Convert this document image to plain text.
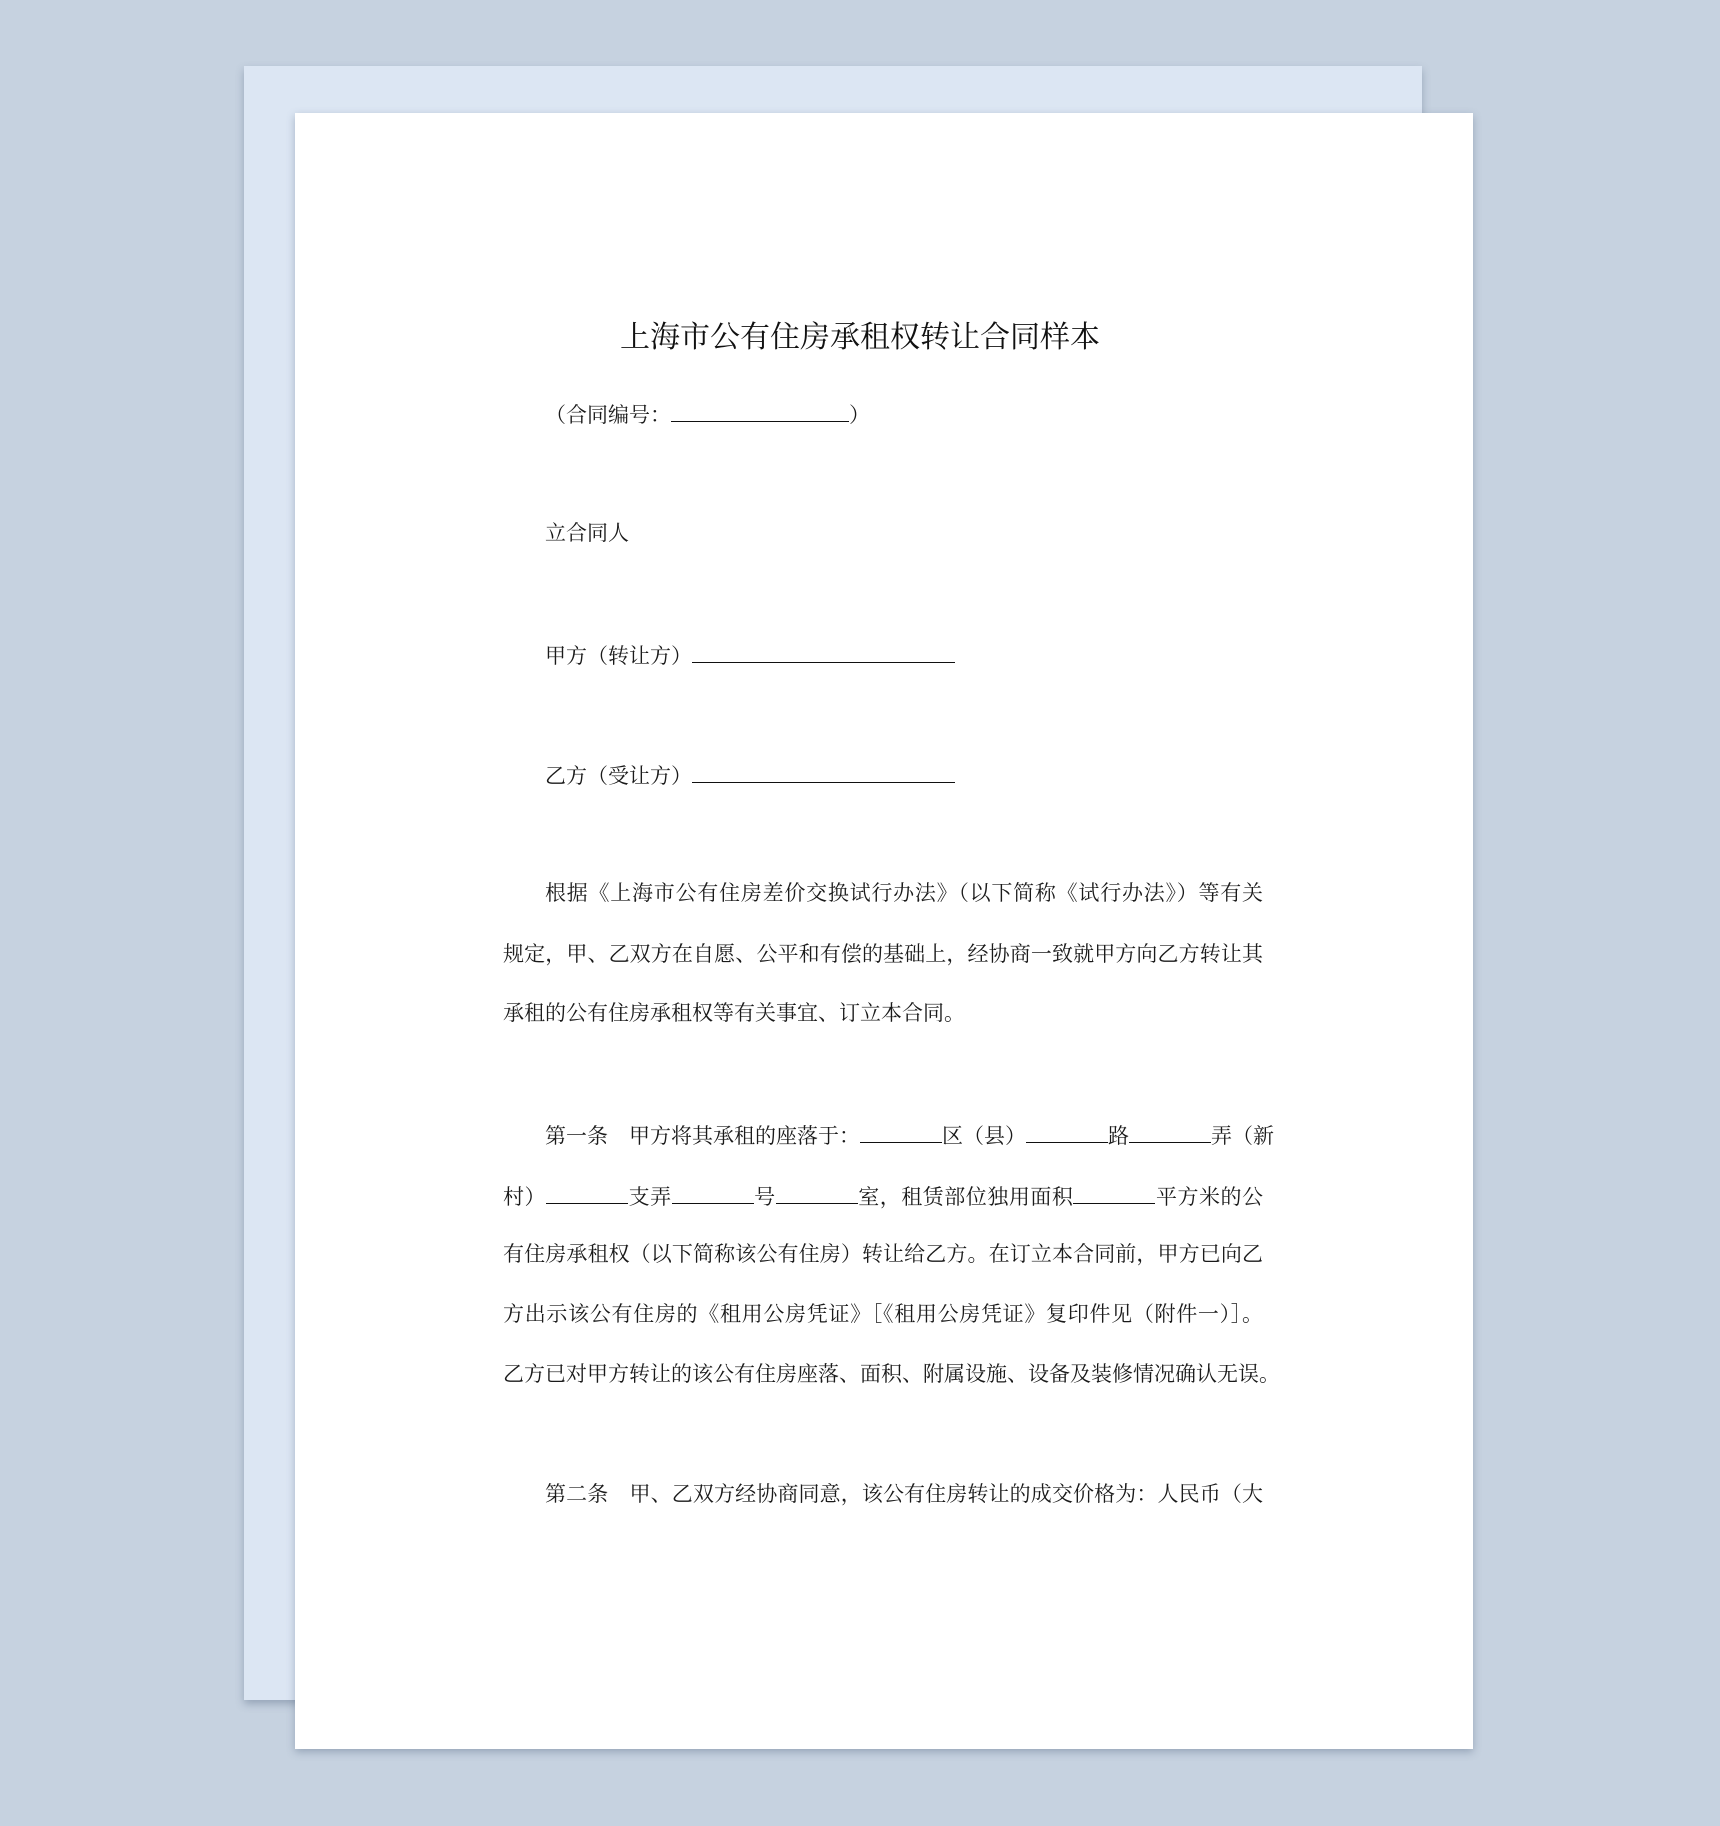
上海市公有住房承租权转让合同样本
（合同编号：	）
立合同人
甲方（转让方）
乙方（受让方）
根据《上海市公有住房差价交换试行办法》（以下简称《试行办法》）等有关
规定，甲、乙双方在自愿、公平和有偿的基础上，经协商一致就甲方向乙方转让其
承租的公有住房承租权等有关事宜、订立本合同。
第一条　甲方将其承租的座落于：	区（县）	路	弄（新
村）	支弄	号	室，租赁部位独用面积	平方米的公
有住房承租权（以下简称该公有住房）转让给乙方。在订立本合同前，甲方已向乙
方出示该公有住房的《租用公房凭证》［《租用公房凭证》复印件见（附件一）］。
乙方已对甲方转让的该公有住房座落、面积、附属设施、设备及装修情况确认无误。
第二条　甲、乙双方经协商同意，该公有住房转让的成交价格为：人民币（大
